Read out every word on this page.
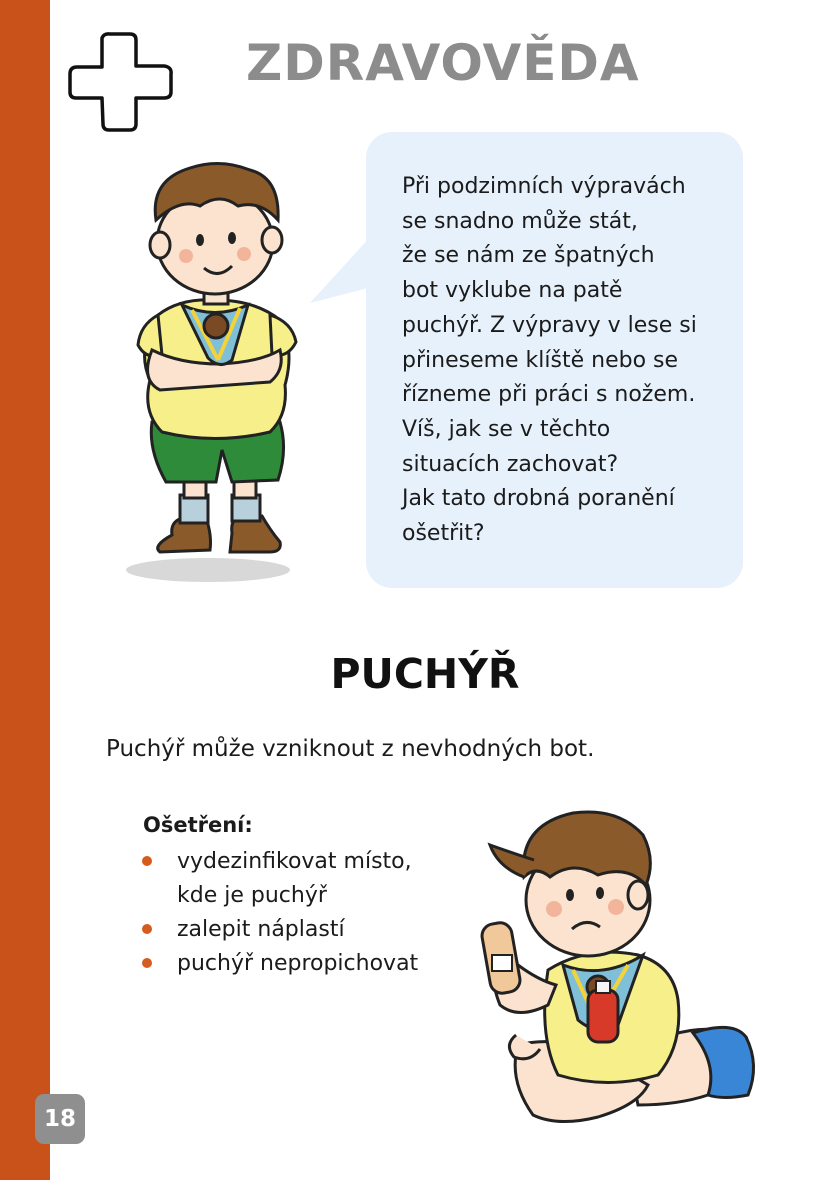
ZDRAVOVĚDA
Při podzimních výpravách
se snadno může stát,
že se nám ze špatných
bot vyklube na patě
puchýř. Z výpravy v lese si
přineseme klíště nebo se
řízneme při práci s nožem.
Víš, jak se v těchto
situacích zachovat?
Jak tato drobná poranění
ošetřit?
PUCHÝŘ
Puchýř může vzniknout z nevhodných bot.
Ošetření:
vydezinfikovat místo,
kde je puchýř
zalepit náplastí
puchýř nepropichovat
18
